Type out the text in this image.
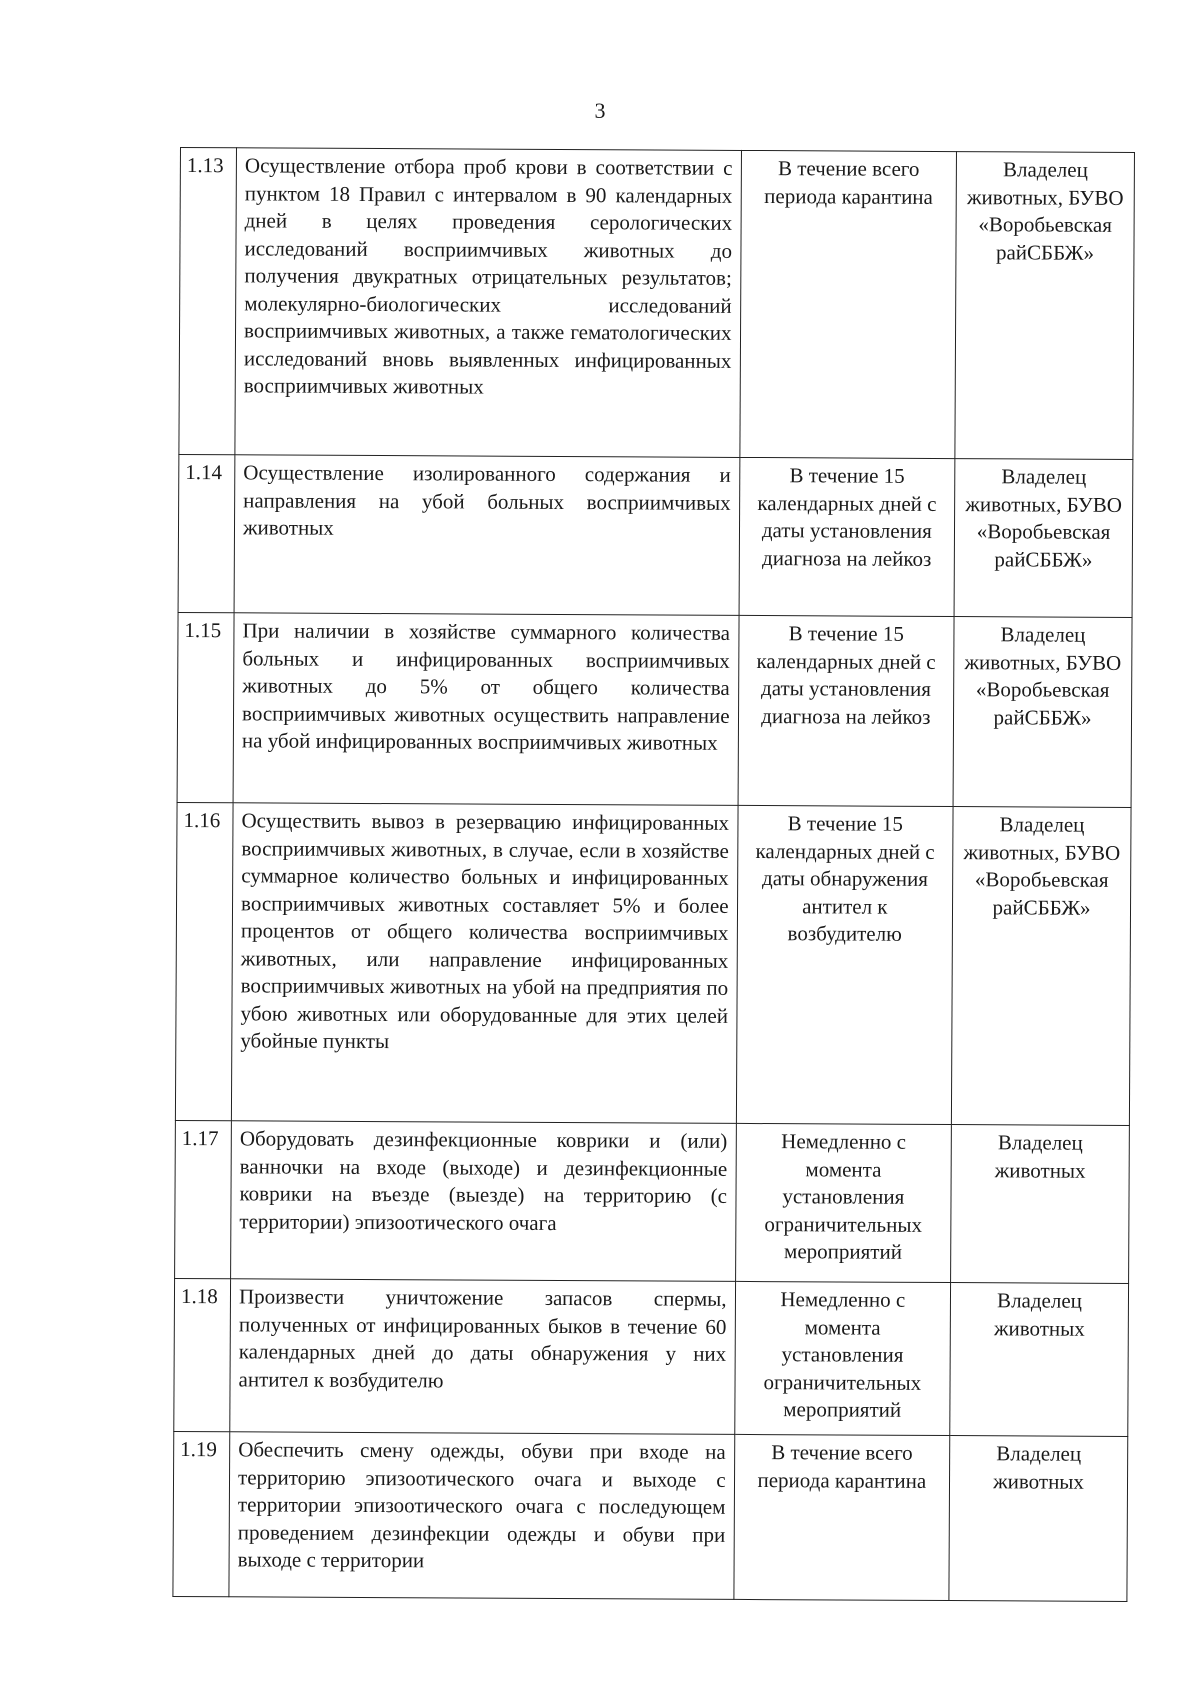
3
1.13	Осуществление отбора проб крови в соответствии с пунктом 18 Правил с интервалом в 90 календарных дней в целях проведения серологических исследований восприимчивых животных до получения двукратных отрицательных результатов; молекулярно-биологических исследований восприимчивых животных, а также гематологических исследований вновь выявленных инфицированных восприимчивых животных	В течение всего периода карантина	Владелец животных, БУВО «Воробьевская райСББЖ»
1.14	Осуществление изолированного содержания и направления на убой больных восприимчивых животных	В течение 15 календарных дней с даты установления диагноза на лейкоз	Владелец животных, БУВО «Воробьевская райСББЖ»
1.15	При наличии в хозяйстве суммарного количества больных и инфицированных восприимчивых животных до 5% от общего количества восприимчивых животных осуществить направление на убой инфицированных восприимчивых животных	В течение 15 календарных дней с даты установления диагноза на лейкоз	Владелец животных, БУВО «Воробьевская райСББЖ»
1.16	Осуществить вывоз в резервацию инфицированных восприимчивых животных, в случае, если в хозяйстве суммарное количество больных и инфицированных восприимчивых животных составляет 5% и более процентов от общего количества восприимчивых животных, или направление инфицированных восприимчивых животных на убой на предприятия по убою животных или оборудованные для этих целей убойные пункты	В течение 15 календарных дней с даты обнаружения антител к возбудителю	Владелец животных, БУВО «Воробьевская райСББЖ»
1.17	Оборудовать дезинфекционные коврики и (или) ванночки на входе (выходе) и дезинфекционные коврики на въезде (выезде) на территорию (с территории) эпизоотического очага	Немедленно с момента установления ограничительных мероприятий	Владелец животных
1.18	Произвести уничтожение запасов спермы, полученных от инфицированных быков в течение 60 календарных дней до даты обнаружения у них антител к возбудителю	Немедленно с момента установления ограничительных мероприятий	Владелец животных
1.19	Обеспечить смену одежды, обуви при входе на территорию эпизоотического очага и выходе с территории эпизоотического очага с последующем проведением дезинфекции одежды и обуви при выходе с территории	В течение всего периода карантина	Владелец животных
